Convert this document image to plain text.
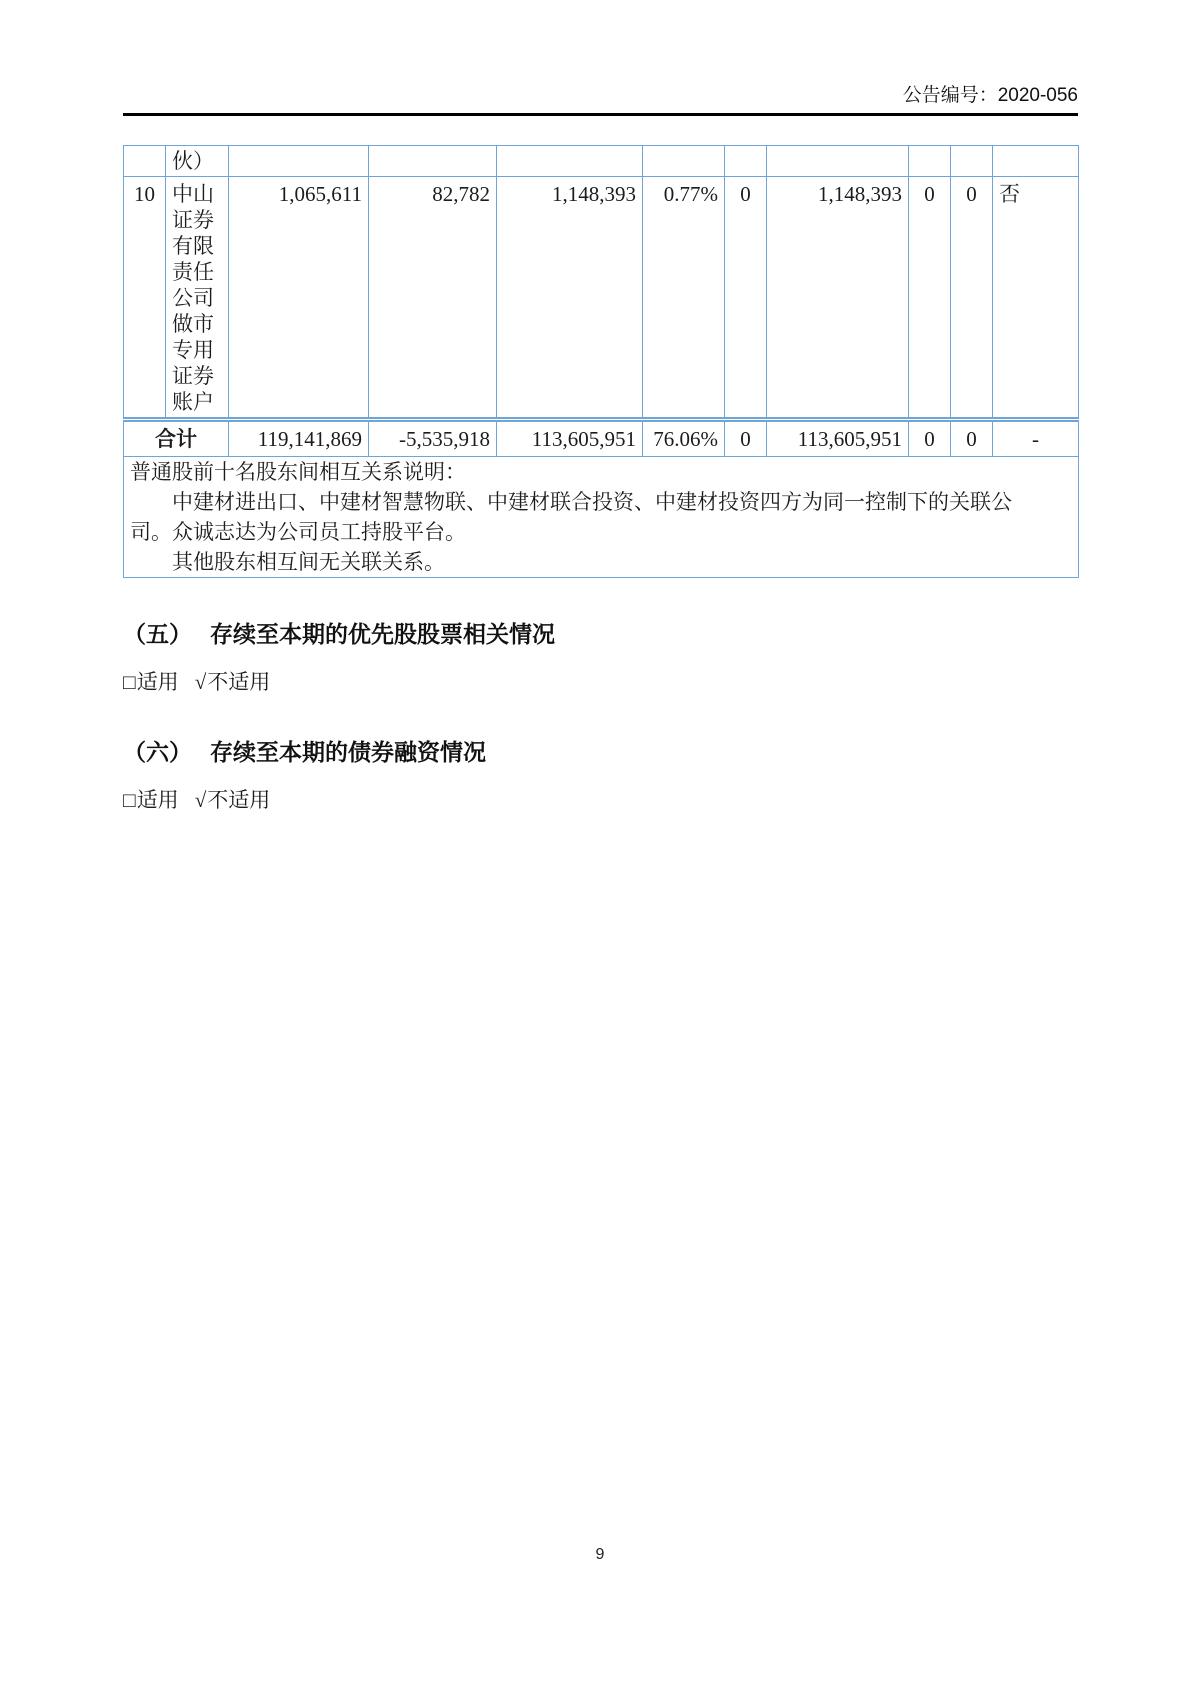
公告编号：2020-056
	伙）									
10	中山证券有限责任公司做市专用证券账户	1,065,611	82,782	1,148,393	0.77%	0	1,148,393	0	0	否
合计		119,141,869	-5,535,918	113,605,951	76.06%	0	113,605,951	0	0	-

普通股前十名股东间相互关系说明：
中建材进出口、中建材智慧物联、中建材联合投资、中建材投资四方为同一控制下的关联公
司。众诚志达为公司员工持股平台。
其他股东相互间无关联关系。										
（五） 存续至本期的优先股股票相关情况
□适用 √不适用
（六） 存续至本期的债券融资情况
□适用 √不适用
9
